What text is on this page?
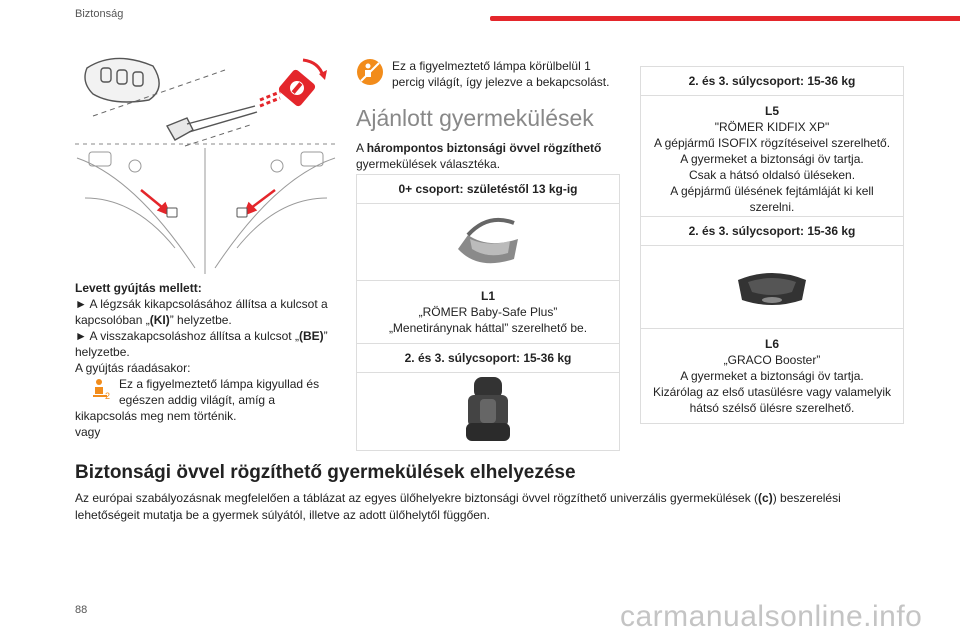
Biztonság

Levett gyújtás mellett:

► A légzsák kikapcsolásához állítsa a kulcsot a kapcsolóban „(KI)” helyzetbe.

► A visszakapcsoláshoz állítsa a kulcsot „(BE)” helyzetbe.

A gyújtás ráadásakor:

2
Ez a figyelmeztető lámpa kigyullad és egészen addig világít, amíg a kikapcsolás meg nem történik.

vagy

Ez a figyelmeztető lámpa körülbelül 1 percig világít, így jelezve a bekapcsolást.
Ajánlott gyermekülések
A hárompontos biztonsági övvel rögzíthető gyermekülések választéka.
0+ csoport: születéstől 13 kg-ig
L1
„RÖMER Baby-Safe Plus”
„Menetiránynak háttal” szerelhető be.
2. és 3. súlycsoport: 15-36 kg
2. és 3. súlycsoport: 15-36 kg
L5
"RÖMER KIDFIX XP"
A gépjármű ISOFIX rögzítéseivel szerelhető.
A gyermeket a biztonsági öv tartja.
Csak a hátsó oldalsó üléseken.
A gépjármű ülésének fejtámláját ki kell szerelni.
2. és 3. súlycsoport: 15-36 kg
L6
„GRACO Booster”
A gyermeket a biztonsági öv tartja.
Kizárólag az első utasülésre vagy valamelyik hátsó szélső ülésre szerelhető.
Biztonsági övvel rögzíthető gyermekülések elhelyezése
Az európai szabályozásnak megfelelően a táblázat az egyes ülőhelyekre biztonsági övvel rögzíthető univerzális gyermekülések ((c)) beszerelési lehetőségeit mutatja be a gyermek súlyától, illetve az adott ülőhelytől függően.
88	carmanualsonline.info
